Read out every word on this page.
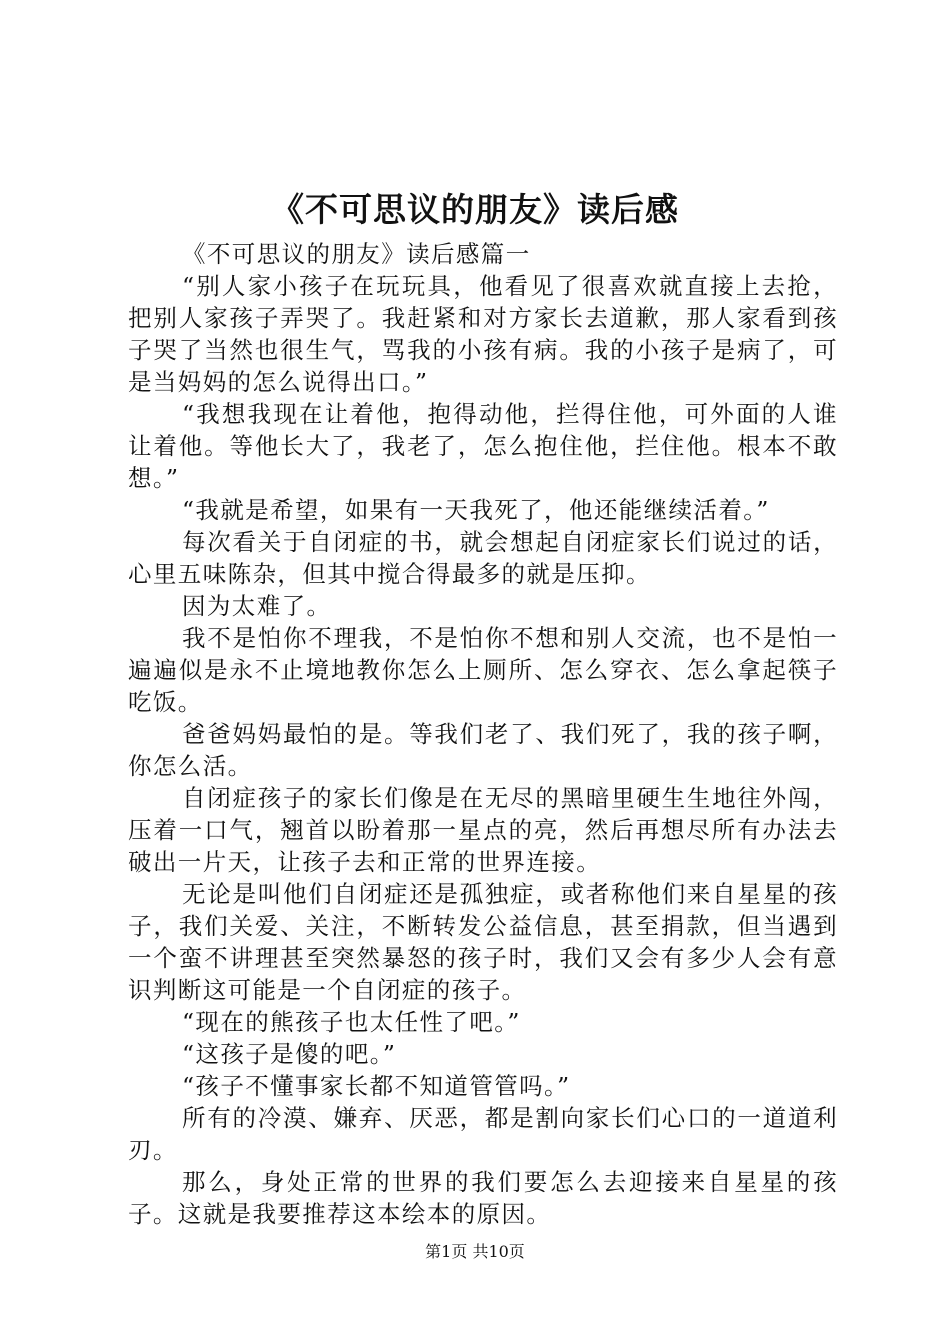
《不可思议的朋友》读后感

《不可思议的朋友》读后感篇一

“别人家小孩子在玩玩具，他看见了很喜欢就直接上去抢，把别人家孩子弄哭了。我赶紧和对方家长去道歉，那人家看到孩子哭了当然也很生气，骂我的小孩有病。我的小孩子是病了，可是当妈妈的怎么说得出口。”

“我想我现在让着他，抱得动他，拦得住他，可外面的人谁让着他。等他长大了，我老了，怎么抱住他，拦住他。根本不敢想。”

“我就是希望，如果有一天我死了，他还能继续活着。”

每次看关于自闭症的书，就会想起自闭症家长们说过的话，心里五味陈杂，但其中搅合得最多的就是压抑。

因为太难了。

我不是怕你不理我，不是怕你不想和别人交流，也不是怕一遍遍似是永不止境地教你怎么上厕所、怎么穿衣、怎么拿起筷子吃饭。

爸爸妈妈最怕的是。等我们老了、我们死了，我的孩子啊，你怎么活。

自闭症孩子的家长们像是在无尽的黑暗里硬生生地往外闯，压着一口气，翘首以盼着那一星点的亮，然后再想尽所有办法去破出一片天，让孩子去和正常的世界连接。

无论是叫他们自闭症还是孤独症，或者称他们来自星星的孩子，我们关爱、关注，不断转发公益信息，甚至捐款，但当遇到一个蛮不讲理甚至突然暴怒的孩子时，我们又会有多少人会有意识判断这可能是一个自闭症的孩子。

“现在的熊孩子也太任性了吧。”

“这孩子是傻的吧。”

“孩子不懂事家长都不知道管管吗。”

所有的冷漠、嫌弃、厌恶，都是割向家长们心口的一道道利刃。

那么，身处正常的世界的我们要怎么去迎接来自星星的孩子。这就是我要推荐这本绘本的原因。

第1页 共10页
